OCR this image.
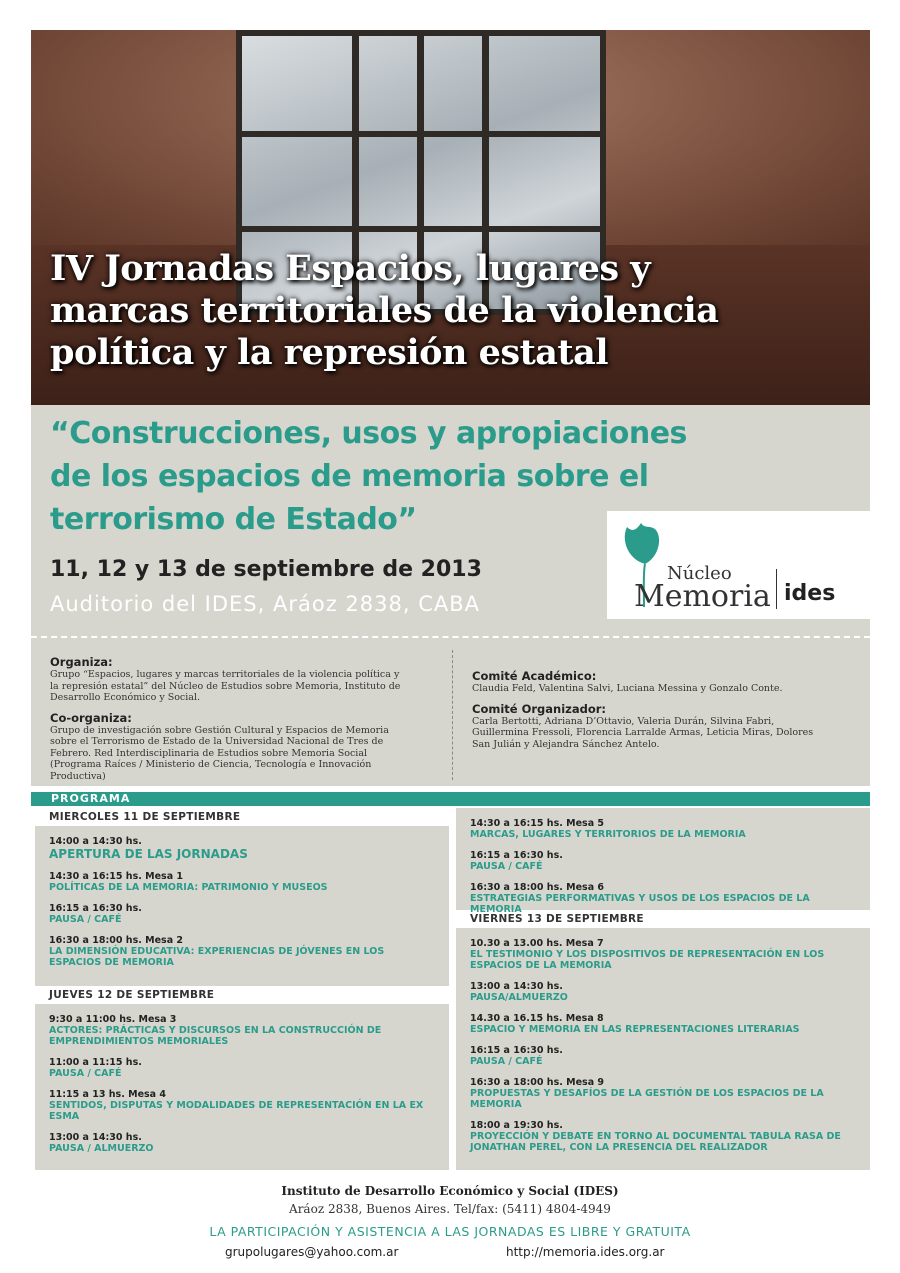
IV Jornadas Espacios, lugares y
marcas territoriales de la violencia
política y la represión estatal
“Construcciones, usos y apropiaciones
de los espacios de memoria sobre el
terrorismo de Estado”

11, 12 y 13 de septiembre de 2013

Auditorio del IDES, Aráoz 2838, CABA

Núcleo
Memoria ides
Organiza:

Grupo “Espacios, lugares y marcas territoriales de la violencia política y la represión estatal” del Núcleo de Estudios sobre Memoria, Instituto de Desarrollo Económico y Social.

Co-organiza:

Grupo de investigación sobre Gestión Cultural y Espacios de Memoria sobre el Terrorismo de Estado de la Universidad Nacional de Tres de Febrero. Red Interdisciplinaria de Estudios sobre Memoria Social (Programa Raíces / Ministerio de Ciencia, Tecnología e Innovación Productiva)

Comité Académico:

Claudia Feld, Valentina Salvi, Luciana Messina y Gonzalo Conte.

Comité Organizador:

Carla Bertotti, Adriana D’Ottavio, Valeria Durán, Silvina Fabri, Guillermina Fressoli, Florencia Larralde Armas, Leticia Miras, Dolores San Julián y Alejandra Sánchez Antelo.

PROGRAMA
MIERCOLES 11 DE SEPTIEMBRE
14:00 a 14:30 hs.
APERTURA DE LAS JORNADAS
14:30 a 16:15 hs. Mesa 1
POLÍTICAS DE LA MEMORIA: PATRIMONIO Y MUSEOS
16:15 a 16:30 hs.
PAUSA / CAFÉ
16:30 a 18:00 hs. Mesa 2
LA DIMENSIÓN EDUCATIVA: EXPERIENCIAS DE JÓVENES EN LOS ESPACIOS DE MEMORIA
JUEVES 12 DE SEPTIEMBRE
9:30 a 11:00 hs. Mesa 3
ACTORES: PRÁCTICAS Y DISCURSOS EN LA CONSTRUCCIÓN DE EMPRENDIMIENTOS MEMORIALES
11:00 a 11:15 hs.
PAUSA / CAFÉ
11:15 a 13 hs. Mesa 4
SENTIDOS, DISPUTAS Y MODALIDADES DE REPRESENTACIÓN EN LA EX ESMA
13:00 a 14:30 hs.
PAUSA / ALMUERZO
14:30 a 16:15 hs. Mesa 5
MARCAS, LUGARES Y TERRITORIOS DE LA MEMORIA
16:15 a 16:30 hs.
PAUSA / CAFÉ
16:30 a 18:00 hs. Mesa 6
ESTRATEGIAS PERFORMATIVAS Y USOS DE LOS ESPACIOS DE LA MEMORIA
VIERNES 13 DE SEPTIEMBRE
10.30 a 13.00 hs. Mesa 7
EL TESTIMONIO Y LOS DISPOSITIVOS DE REPRESENTACIÓN EN LOS ESPACIOS DE LA MEMORIA
13:00 a 14:30 hs.
PAUSA/ALMUERZO
14.30 a 16.15 hs. Mesa 8
ESPACIO Y MEMORIA EN LAS REPRESENTACIONES LITERARIAS
16:15 a 16:30 hs.
PAUSA / CAFÉ
16:30 a 18:00 hs. Mesa 9
PROPUESTAS Y DESAFÍOS DE LA GESTIÓN DE LOS ESPACIOS DE LA MEMORIA
18:00 a 19:30 hs.
PROYECCIÓN Y DEBATE EN TORNO AL DOCUMENTAL TABULA RASA DE JONATHAN PEREL, CON LA PRESENCIA DEL REALIZADOR
Instituto de Desarrollo Económico y Social (IDES)
Aráoz 2838, Buenos Aires. Tel/fax: (5411) 4804-4949
LA PARTICIPACIÓN Y ASISTENCIA A LAS JORNADAS ES LIBRE Y GRATUITA
grupolugares@yahoo.com.ar	http://memoria.ides.org.ar
